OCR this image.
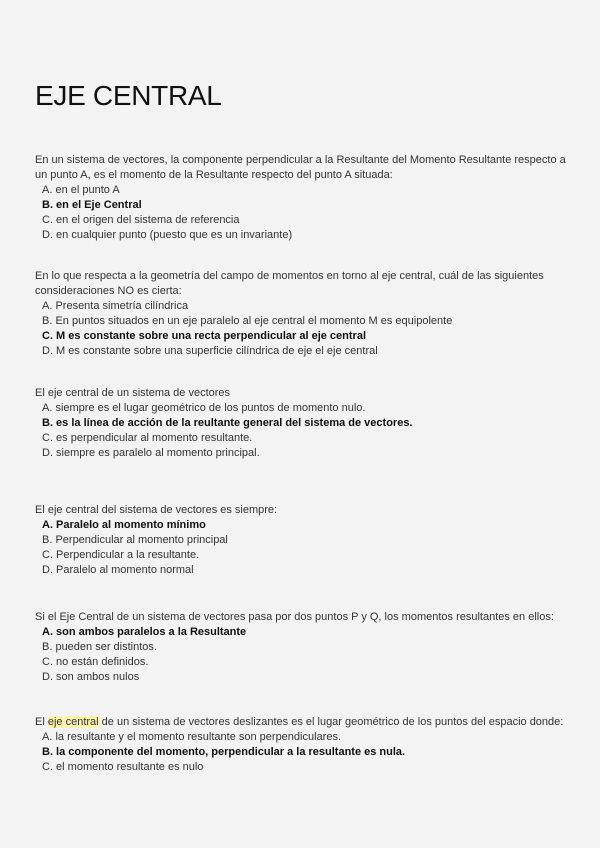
EJE CENTRAL

En un sistema de vectores, la componente perpendicular a la Resultante del Momento Resultante respecto a un punto A, es el momento de la Resultante respecto del punto A situada:

A. en el punto A

B. en el Eje Central

C. en el origen del sistema de referencia

D. en cualquier punto (puesto que es un invariante)

En lo que respecta a la geometría del campo de momentos en torno al eje central, cuál de las siguientes consideraciones NO es cierta:

A. Presenta simetría cilíndrica

B. En puntos situados en un eje paralelo al eje central el momento M es equipolente

C. M es constante sobre una recta perpendicular al eje central

D. M es constante sobre una superficie cilíndrica de eje el eje central

El eje central de un sistema de vectores

A. siempre es el lugar geométrico de los puntos de momento nulo.

B. es la línea de acción de la reultante general del sistema de vectores.

C. es perpendicular al momento resultante.

D. siempre es paralelo al momento principal.

El eje central del sistema de vectores es siempre:

A. Paralelo al momento mínimo

B. Perpendicular al momento principal

C. Perpendicular a la resultante.

D. Paralelo al momento normal

Si el Eje Central de un sistema de vectores pasa por dos puntos P y Q, los momentos resultantes en ellos:

A. son ambos paralelos a la Resultante

B. pueden ser distintos.

C. no están definidos.

D. son ambos nulos

El eje central de un sistema de vectores deslizantes es el lugar geométrico de los puntos del espacio donde:

A. la resultante y el momento resultante son perpendiculares.

B. la componente del momento, perpendicular a la resultante es nula.

C. el momento resultante es nulo
